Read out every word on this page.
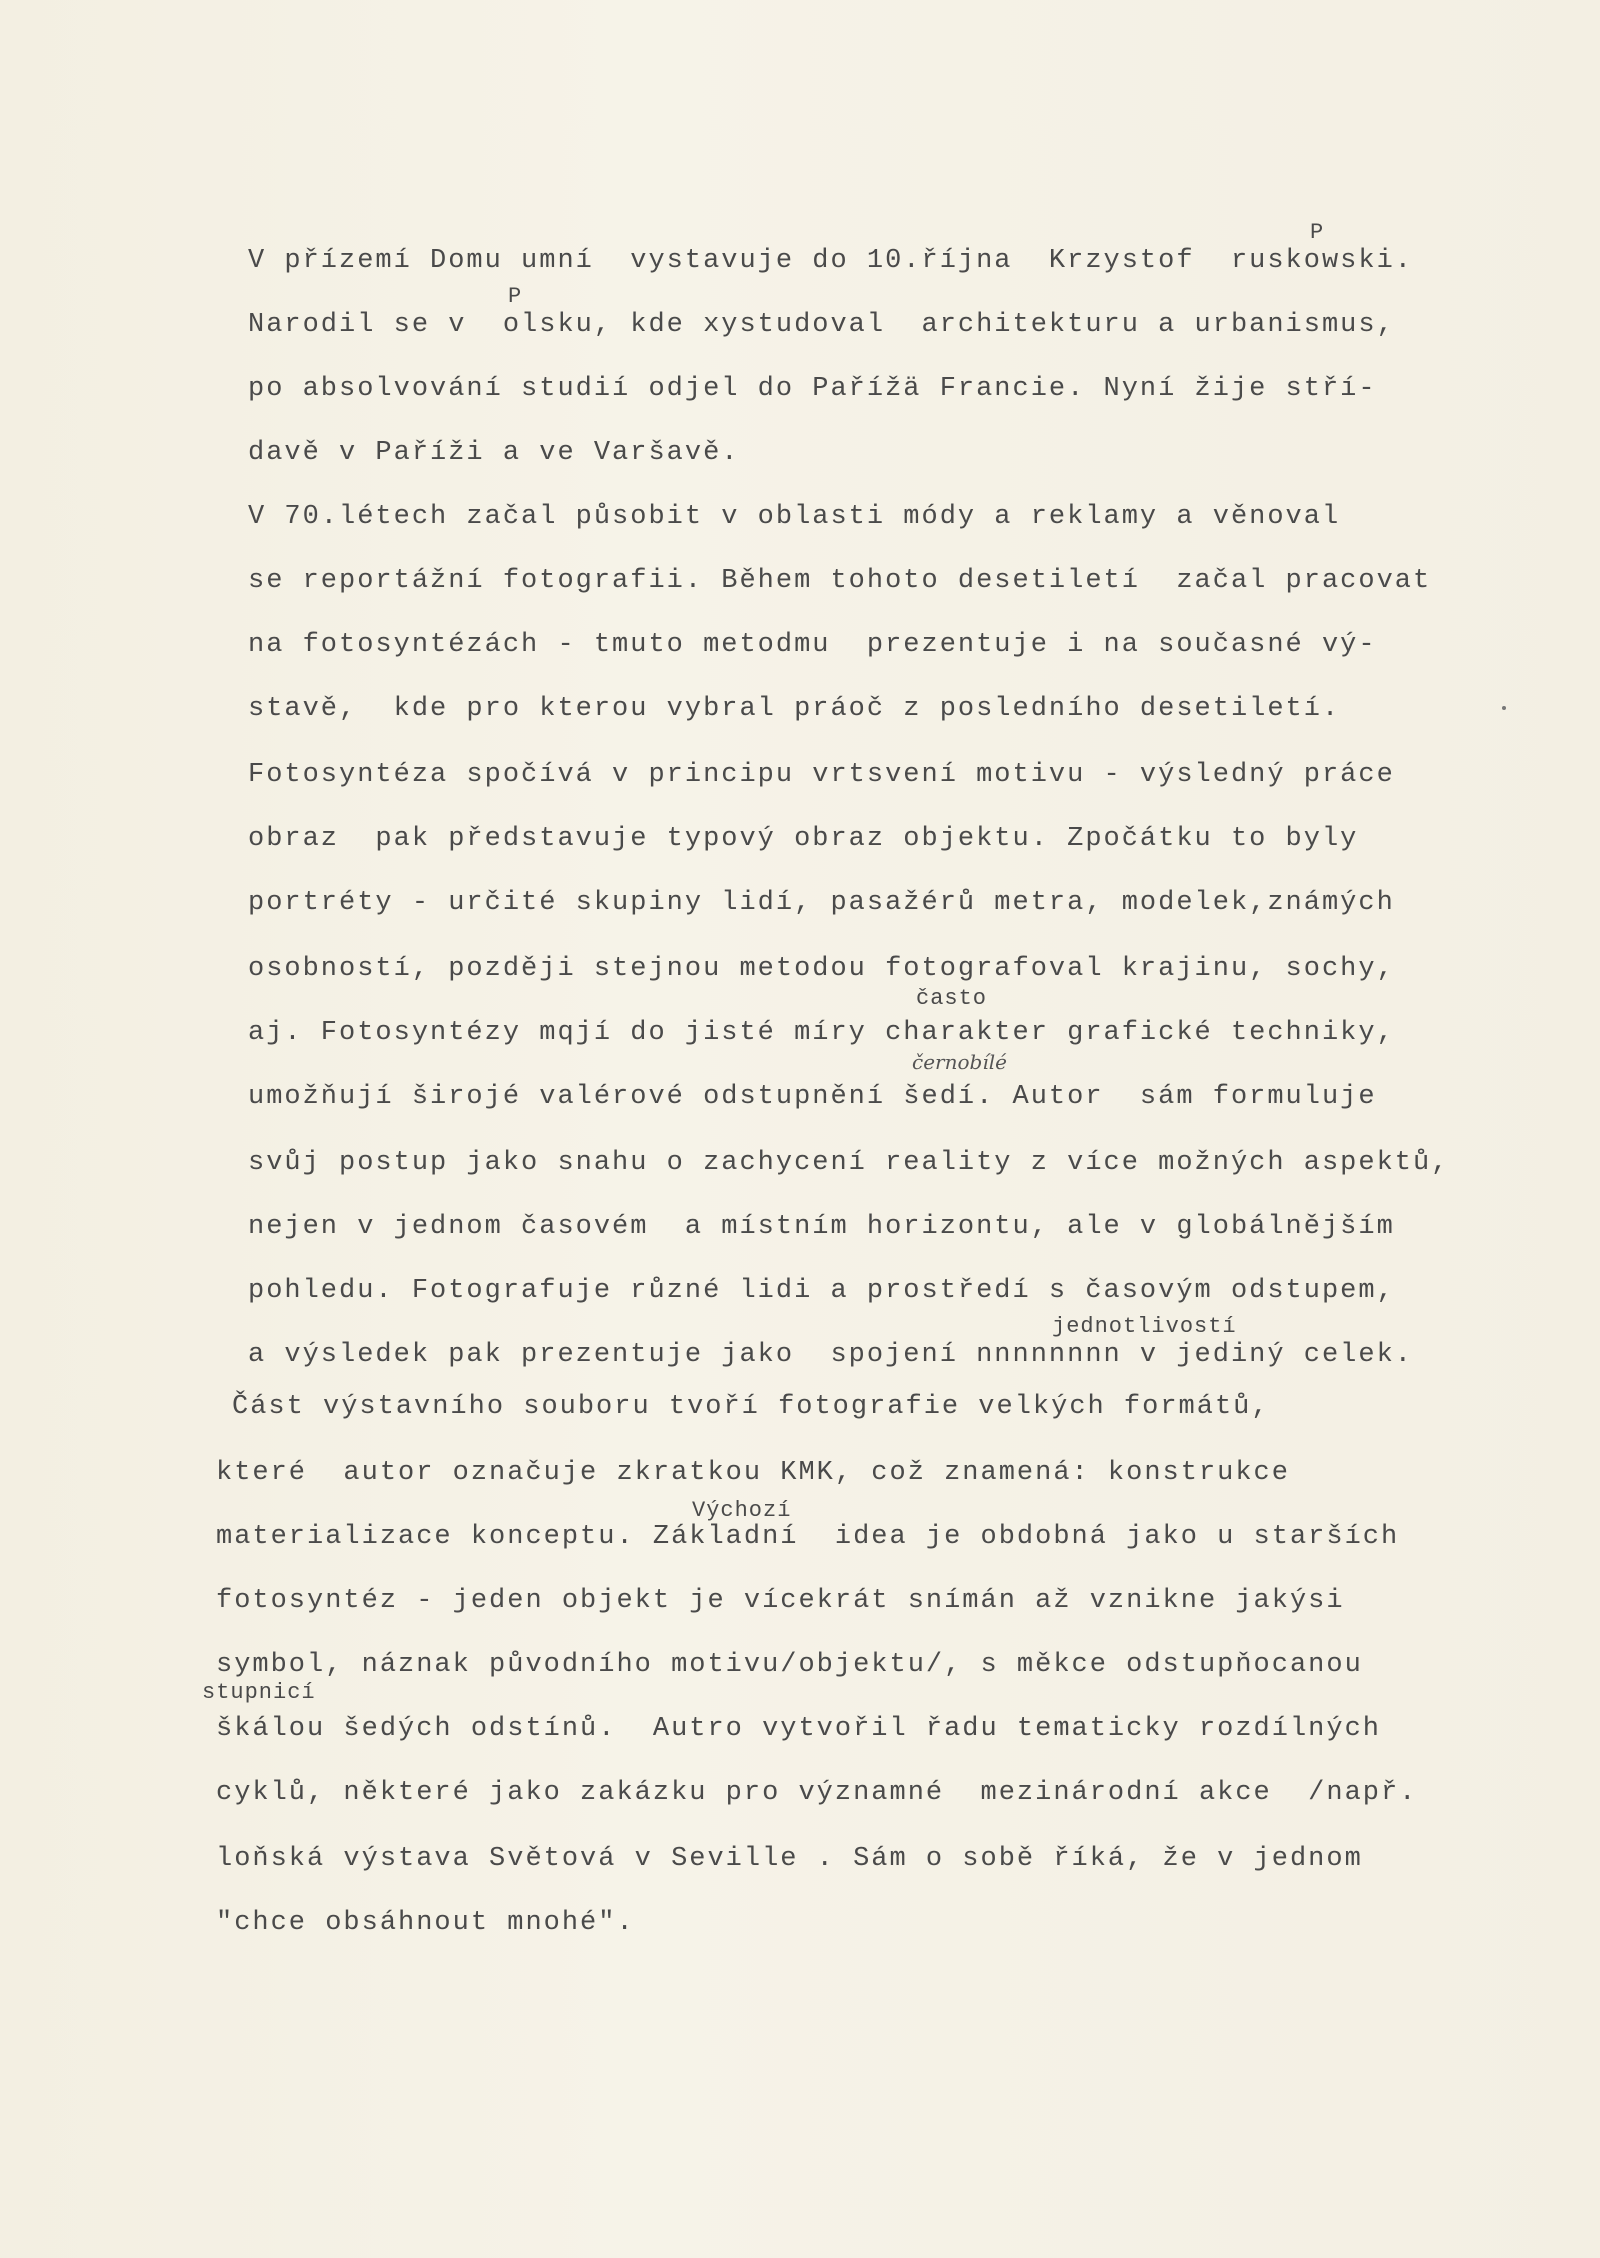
P
P

V přízemí Domu umní  vystavuje do 10.října  Krzystof  ruskowski.

Narodil se v  olsku, kde xystudoval  architekturu a urbanismus,

po absolvování studií odjel do Pařížä Francie. Nyní žije stří-

davě v Paříži a ve Varšavě.

V 70.létech začal působit v oblasti módy a reklamy a věnoval

se reportážní fotografii. Během tohoto desetiletí  začal pracovat

na fotosyntézách - tmuto metodmu  prezentuje i na současné vý-

stavě,  kde pro kterou vybral práoč z posledního desetiletí.

Fotosyntéza spočívá v principu vrtsvení motivu - výsledný práce

obraz  pak představuje typový obraz objektu. Zpočátku to byly

portréty - určité skupiny lidí, pasažérů metra, modelek,známých

osobností, později stejnou metodou fotografoval krajinu, sochy,

často

aj. Fotosyntézy mqjí do jisté míry charakter grafické techniky,

černobílé

umožňují širojé valérové odstupnění šedí. Autor  sám formuluje

svůj postup jako snahu o zachycení reality z více možných aspektů,

nejen v jednom časovém  a místním horizontu, ale v globálnějším

pohledu. Fotografuje různé lidi a prostředí s časovým odstupem,

jednotlivostí

a výsledek pak prezentuje jako  spojení nnnnnnnn v jediný celek.

Část výstavního souboru tvoří fotografie velkých formátů,

které  autor označuje zkratkou KMK, což znamená: konstrukce

Výchozí

materializace konceptu. Základní  idea je obdobná jako u starších

fotosyntéz - jeden objekt je vícekrát snímán až vznikne jakýsi

symbol, náznak původního motivu/objektu/, s měkce odstupňocanou

stupnicí

škálou šedých odstínů.  Autro vytvořil řadu tematicky rozdílných

cyklů, některé jako zakázku pro významné  mezinárodní akce  /např.

loňská výstava Světová v Seville . Sám o sobě říká, že v jednom

"chce obsáhnout mnohé".
